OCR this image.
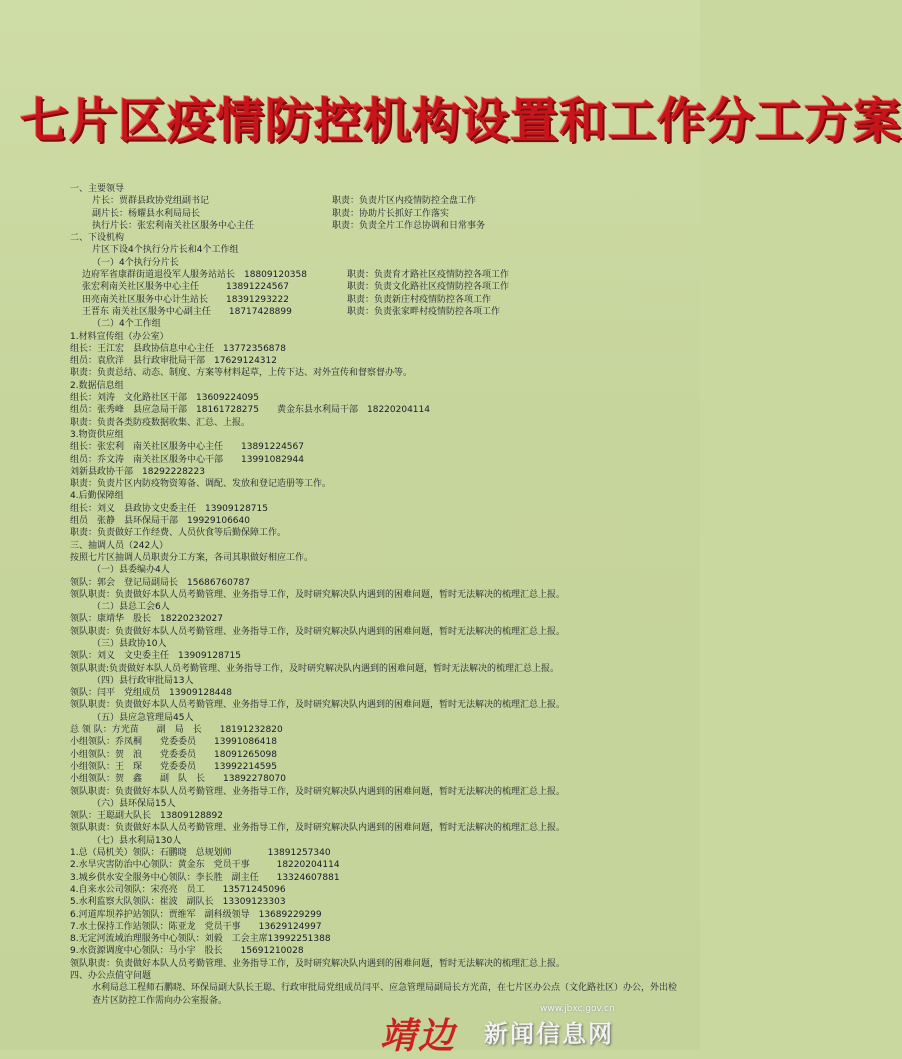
七片区疫情防控机构设置和工作分工方案
一、主要领导
片长：贾群县政协党组副书记	职责：负责片区内疫情防控全盘工作
副片长：杨耀县水利局局长	职责：协助片长抓好工作落实
执行片长：张宏利南关社区服务中心主任	职责：负责全片工作总协调和日常事务
二、下设机构
片区下设4个执行分片长和4个工作组
（一）4个执行分片长
边府军省康群街道退役军人服务站站长　18809120358	职责：负责育才路社区疫情防控各项工作
张宏利南关社区服务中心主任　　　13891224567	职责：负责文化路社区疫情防控各项工作
田亮南关社区服务中心计生站长　　18391293222	职责：负责新庄村疫情防控各项工作
王晋东 南关社区服务中心副主任　　18717428899	职责：负责张家畔村疫情防控各项工作
（二）4个工作组
1.材料宣传组（办公室）
组长：王江宏　县政协信息中心主任　13772356878
组员：袁欣洋　县行政审批局干部　17629124312
职责：负责总结、动态、制度、方案等材料起草，上传下达、对外宣传和督察督办等。
2.数据信息组
组长：刘涛　文化路社区干部　13609224095
组员：张秀峰　县应急局干部　18161728275　　黄金东县水利局干部　18220204114
职责：负责各类防疫数据收集、汇总、上报。
3.物资供应组
组长：张宏利　南关社区服务中心主任　　13891224567
组员：乔文涛　南关社区服务中心干部　　13991082944
刘新县政协干部　18292228223
职责：负责片区内防疫物资筹备、调配、发放和登记造册等工作。
4.后勤保障组
组长：刘义　县政协文史委主任　13909128715
组员　张静　县环保局干部　19929106640
职责：负责做好工作经费、人员伙食等后勤保障工作。
三、抽调人员（242人）
按照七片区抽调人员职责分工方案，各司其职做好相应工作。
（一）县委编办4人
领队：郭会　登记局副局长　15686760787
领队职责：负责做好本队人员考勤管理、业务指导工作，及时研究解决队内遇到的困难问题，暂时无法解决的梳理汇总上报。
（二）县总工会6人
领队：康靖华　股长　18220232027
领队职责：负责做好本队人员考勤管理、业务指导工作，及时研究解决队内遇到的困难问题，暂时无法解决的梳理汇总上报。
（三）县政协10人
领队：刘义　文史委主任　13909128715
领队职责:负责做好本队人员考勤管理、业务指导工作，及时研究解决队内遇到的困难问题，暂时无法解决的梳理汇总上报。
（四）县行政审批局13人
领队：闫平　党组成员　13909128448
领队职责：负责做好本队人员考勤管理、业务指导工作，及时研究解决队内遇到的困难问题，暂时无法解决的梳理汇总上报。
（五）县应急管理局45人
总 领 队：方光苗　　副　局　长　　18191232820
小组领队：乔凤桐　　党委委员　　13991086418
小组领队：贺　浪　　党委委员　　18091265098
小组领队：王　琛　　党委委员　　13992214595
小组领队：贺　鑫　　副　队　长　　13892278070
领队职责：负责做好本队人员考勤管理、业务指导工作，及时研究解决队内遇到的困难问题，暂时无法解决的梳理汇总上报。
（六）县环保局15人
领队：王聪副大队长　13809128892
领队职责：负责做好本队人员考勤管理、业务指导工作，及时研究解决队内遇到的困难问题，暂时无法解决的梳理汇总上报。
（七）县水利局130人
1.总（局机关）领队：石鹏晓　总规划师　　　　13891257340
2.水旱灾害防治中心领队：黄金东　党员干事　　　18220204114
3.城乡供水安全服务中心领队：李长胜　副主任　　13324607881
4.自来水公司领队：宋亮亮　员工　　13571245096
5.水利监察大队领队：崔波　副队长　13309123303
6.河道库坝养护站领队：贾维军　副科级领导　13689229299
7.水土保持工作站领队：陈亚龙　党员干事　　13629124997
8.无定河流域治理服务中心领队：刘毅　工会主席13992251388
9.水资源调度中心领队：马小宇　股长　　15691210028
领队职责：负责做好本队人员考勤管理、业务指导工作，及时研究解决队内遇到的困难问题，暂时无法解决的梳理汇总上报。
四、办公点值守问题
水利局总工程师石鹏晓、环保局副大队长王聪、行政审批局党组成员闫平、应急管理局副局长方光苗，在七片区办公点（文化路社区）办公，外出检查片区防控工作需向办公室报备。
靖边
www.jbxc.gov.cn
新闻信息网
